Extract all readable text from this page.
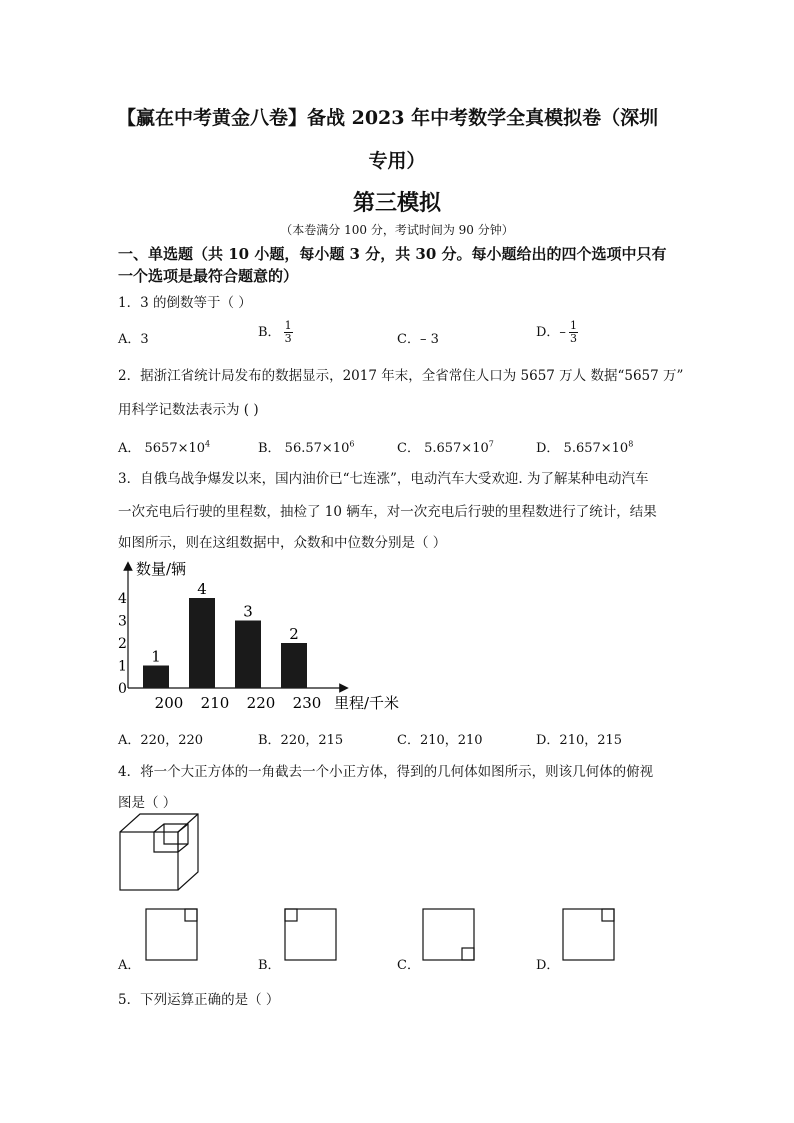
【赢在中考黄金八卷】备战 2023 年中考数学全真模拟卷（深圳
专用）
第三模拟
（本卷满分 100 分，考试时间为 90 分钟）
一、单选题（共 10 小题，每小题 3 分，共 30 分。每小题给出的四个选项中只有
一个选项是最符合题意的）
1．3 的倒数等于（ ）
A．3	B． $\frac{1}{3}$	C．– 3	D．– $\frac{1}{3}$
2．据浙江省统计局发布的数据显示，2017 年末，全省常住人口为 5657 万人 数据“5657 万”
用科学记数法表示为 ( )
A． $5657\times 10^4$	B． $56.57\times 10^6$	C． $5.657\times 10^7$	D． $5.657\times 10^8$
3．自俄乌战争爆发以来，国内油价已“七连涨”，电动汽车大受欢迎. 为了解某种电动汽车
一次充电后行驶的里程数，抽检了 10 辆车，对一次充电后行驶的里程数进行了统计，结果
如图所示，则在这组数据中，众数和中位数分别是（ ）
数量/辆
里程/千米
0
1
2
3
4
1
4
3
2
200 210 220 230
A．220，220	B．220，215	C．210，210	D．210，215
4．将一个大正方体的一角截去一个小正方体，得到的几何体如图所示，则该几何体的俯视
图是（ ）
A．	B．	C．	D．
5．下列运算正确的是（ ）
